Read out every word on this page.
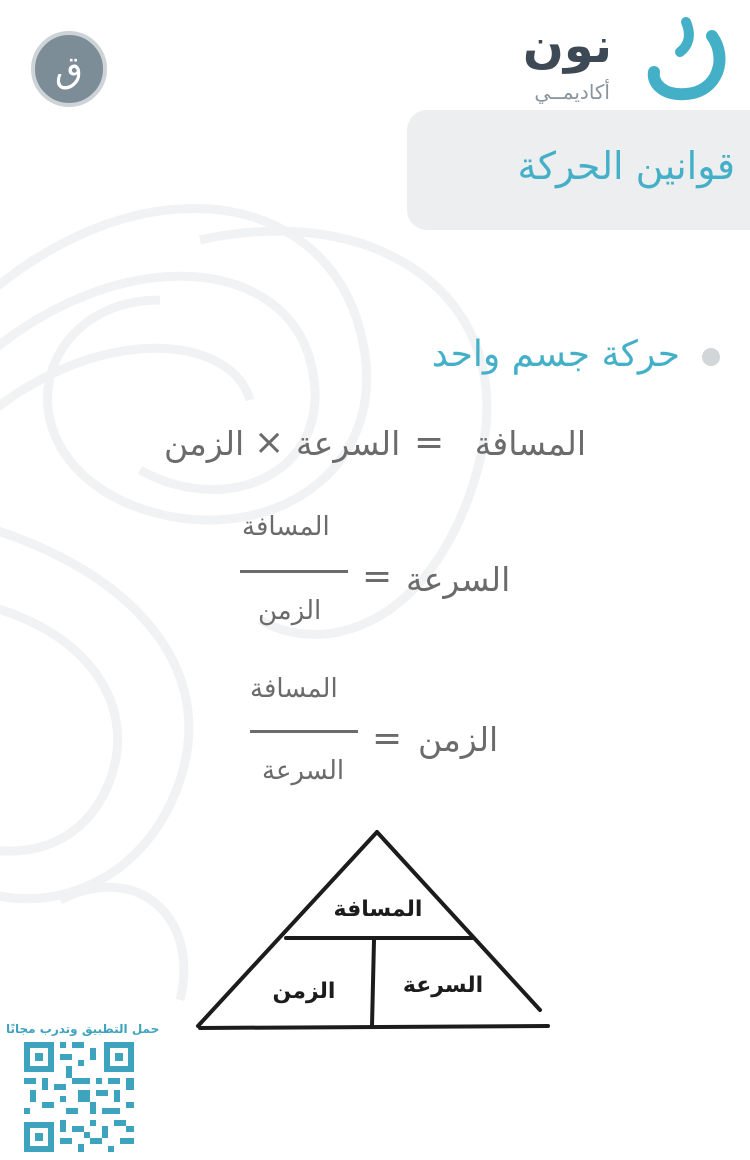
ق	نون
أكاديمــي
قوانين الحركة
حركة جسم واحد
المسافة
=
السرعة
×
الزمن
المسافة
الزمن
= السرعة
المسافة
السرعة
= الزمن
المسافة
السرعة
الزمن
حمل التطبيق وتدرب مجانًا
